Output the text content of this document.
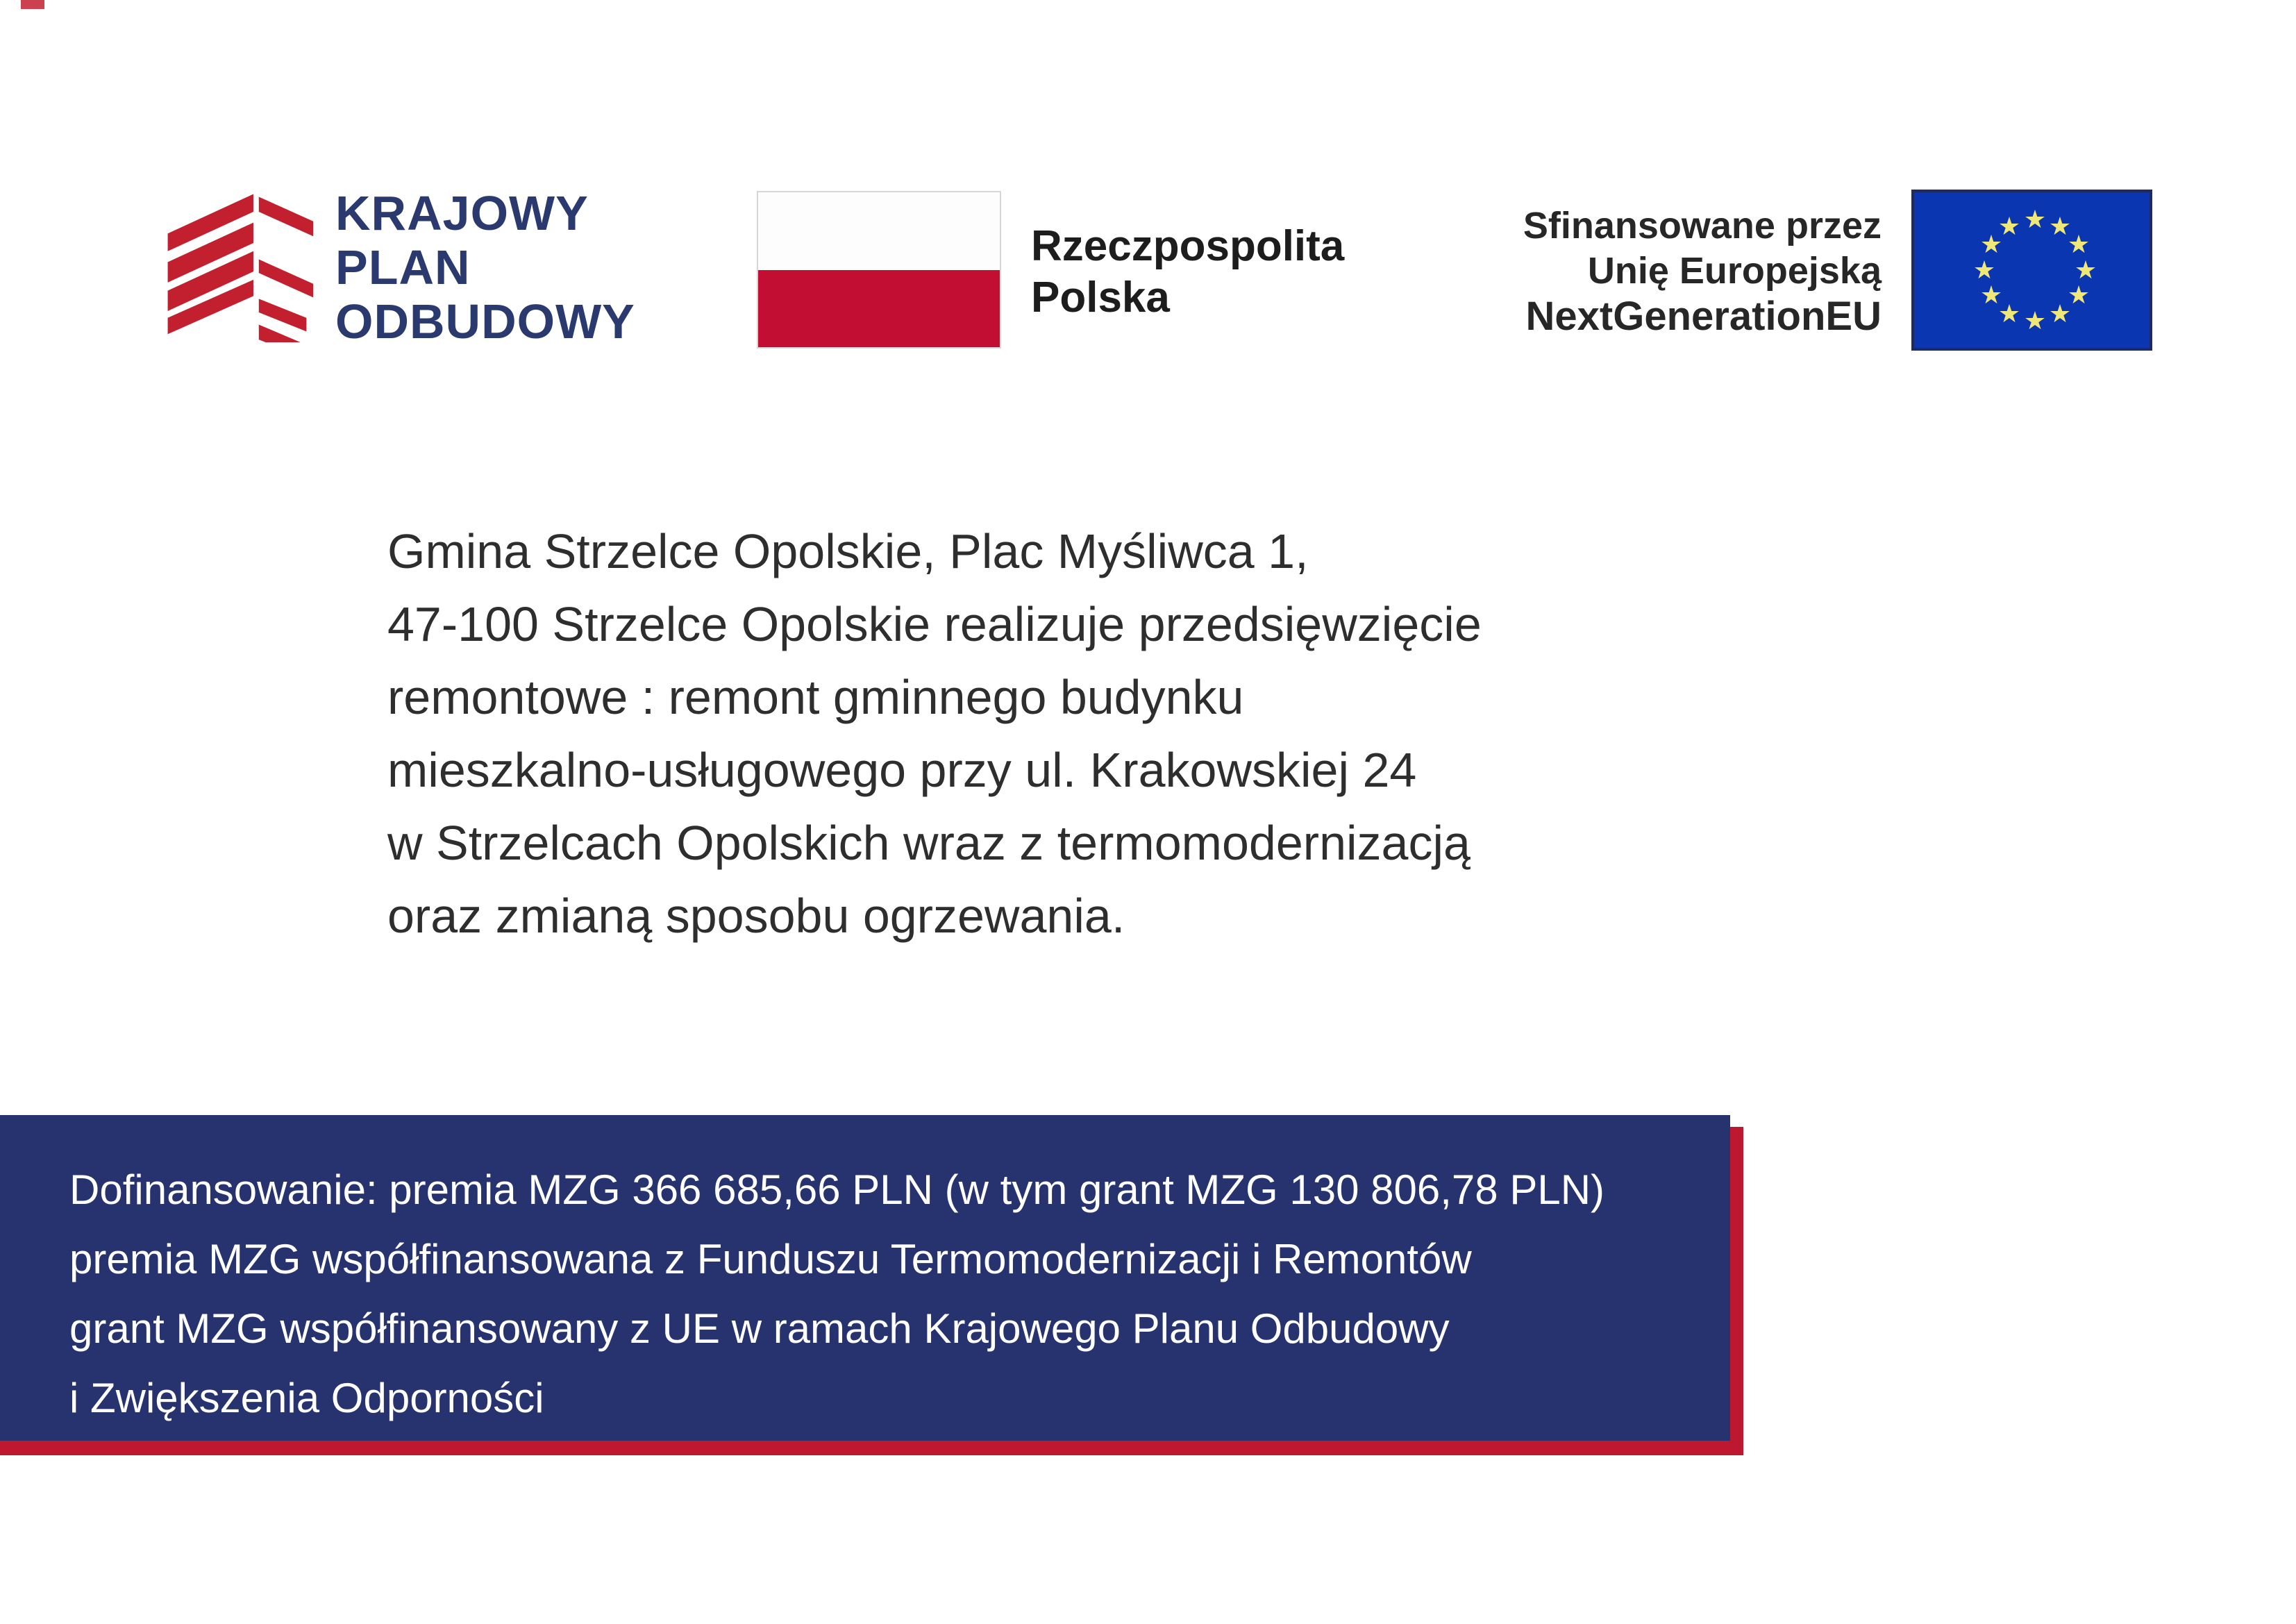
KRAJOWY
PLAN
ODBUDOWY
Rzeczpospolita
Polska
Sfinansowane przez
Unię Europejską
NextGenerationEU
★ ★
★
★
★
★
★
★
★
★
★
★
Gmina Strzelce Opolskie, Plac Myśliwca 1,
47-100 Strzelce Opolskie realizuje przedsięwzięcie
remontowe : remont gminnego budynku
mieszkalno-usługowego przy ul. Krakowskiej 24
w Strzelcach Opolskich wraz z termomodernizacją
oraz zmianą sposobu ogrzewania.
Dofinansowanie: premia MZG 366 685,66 PLN (w tym grant MZG 130 806,78 PLN)
premia MZG współfinansowana z Funduszu Termomodernizacji i Remontów
grant MZG współfinansowany z UE w ramach Krajowego Planu Odbudowy
i Zwiększenia Odporności
